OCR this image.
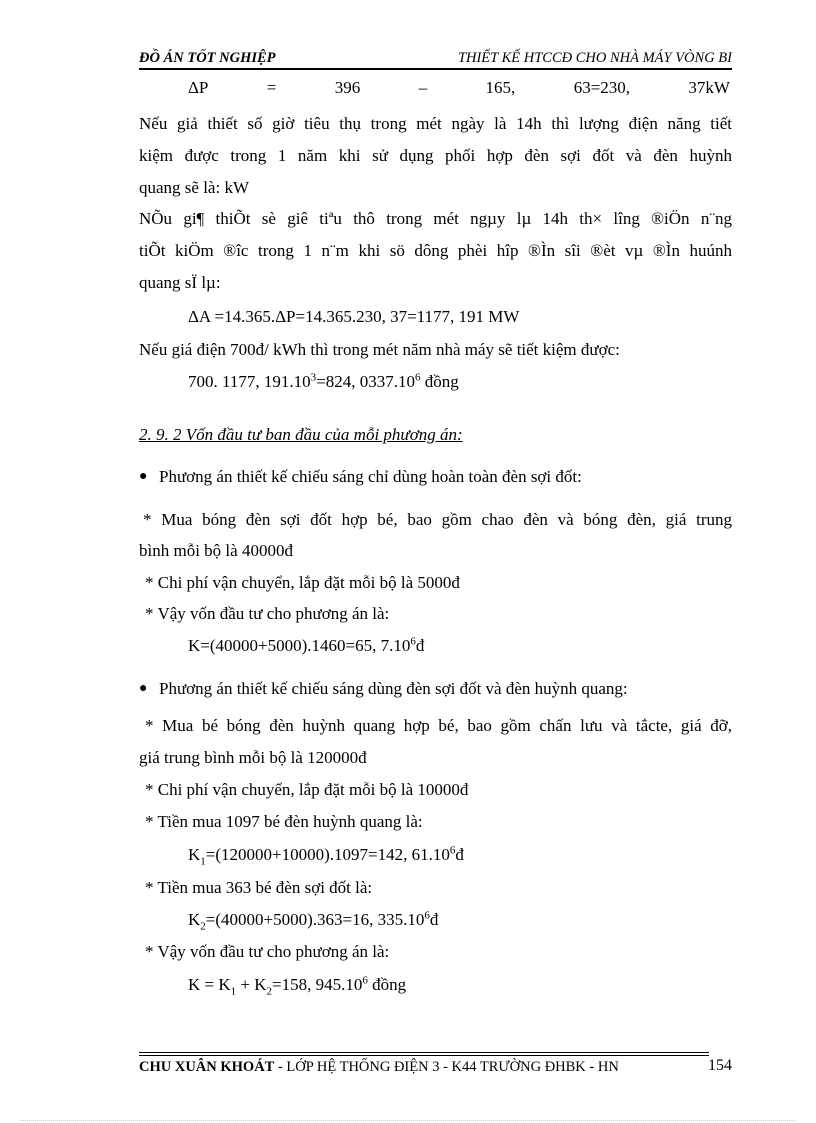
ĐỒ ÁN TỐT NGHIỆP	THIẾT KẾ HTCCĐ CHO NHÀ MÁY VÒNG BI
ΔP	=	396	–	165,	63=230,	37kW
Nếu giả thiết số giờ tiêu thụ trong mét ngày là 14h thì lượng điện năng tiết
kiệm được trong 1 năm khi sử dụng phối hợp đèn sợi đốt và đèn huỳnh
quang sẽ là: kW
NÕu gi¶ thiÕt sè giê tiªu thô trong mét ngµy lµ 14h th× lîng ®iÖn n¨ng
tiÕt kiÖm ®îc trong 1 n¨m khi sö dông phèi hîp ®Ìn sîi ®èt vµ ®Ìn huúnh
quang sÏ lµ:
ΔA =14.365.ΔP=14.365.230, 37=1177, 191 MW
Nếu giá điện 700đ/ kWh thì trong mét năm nhà máy sẽ tiết kiệm được:
700. 1177, $191.10^3=824$, 0337.10$^6$ đồng
2. 9. 2 Vốn đầu tư ban đầu của mỗi phương án:
● Phương án thiết kế chiếu sáng chỉ dùng hoàn toàn đèn sợi đốt:
* Mua bóng đèn sợi đốt hợp bé, bao gồm chao đèn và bóng đèn, giá trung
bình mỗi bộ là 40000đ
* Chi phí vận chuyển, lắp đặt mỗi bộ là 5000đ
* Vậy vốn đầu tư cho phương án là:
K=(40000+5000).1460=65, 7.10$^6$đ
● Phương án thiết kế chiếu sáng dùng đèn sợi đốt và đèn huỳnh quang:
* Mua bé bóng đèn huỳnh quang hợp bé, bao gồm chấn lưu và tắcte, giá đỡ,
giá trung bình mỗi bộ là 120000đ
* Chi phí vận chuyển, lắp đặt mỗi bộ là 10000đ
* Tiền mua 1097 bé đèn huỳnh quang là:
$K_1=(120000+10000).1097=142$, 61.10$^6$đ
* Tiền mua 363 bé đèn sợi đốt là:
$K_2=(40000+5000).363=16$, 335.10$^6$đ
* Vậy vốn đầu tư cho phương án là:
$K = K_1 + K_2=158$, 945.10$^6$ đồng
CHU XUÂN KHOÁT - LỚP HỆ THỐNG ĐIỆN 3 - K44 TRƯỜNG ĐHBK - HN	154
